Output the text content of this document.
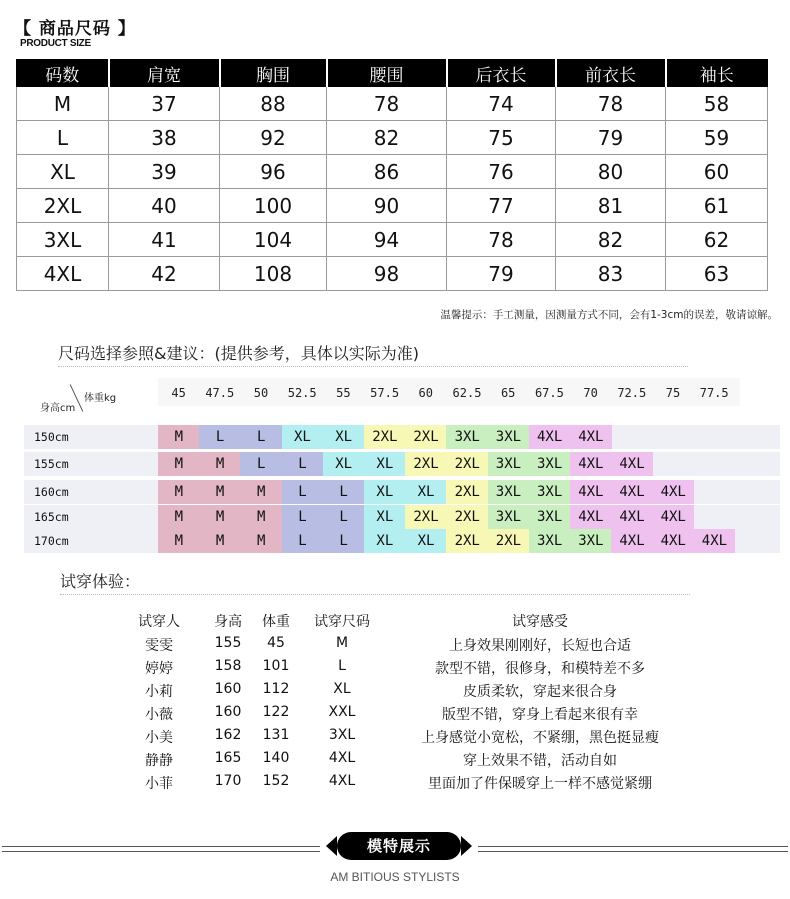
【 商品尺码 】
PRODUCT SIZE
码数	肩宽	胸围	腰围	后衣长	前衣长	袖长
M	37	88	78	74	78	58
L	38	92	82	75	79	59
XL	39	96	86	76	80	60
2XL	40	100	90	77	81	61
3XL	41	104	94	78	82	62
4XL	42	108	98	79	83	63
温馨提示：手工测量，因测量方式不同，会有1-3cm的误差，敬请谅解。
尺码选择参照&建议：(提供参考，具体以实际为准)
身高cm
体重kg	45	47.5	50	52.5	55	57.5	60	62.5	65	67.5	70	72.5	75	77.5
150cm	M	L	L	XL	XL	2XL	2XL	3XL	3XL	4XL	4XL
155cm	M	M	L	L	XL	XL	2XL	2XL	3XL	3XL	4XL	4XL
160cm	M	M	M	L	L	XL	XL	2XL	3XL	3XL	4XL	4XL	4XL
165cm	M	M	M	L	L	XL	2XL	2XL	3XL	3XL	4XL	4XL	4XL
170cm	M	M	M	L	L	XL	XL	2XL	2XL	3XL	3XL	4XL	4XL	4XL
试穿体验：
试穿人	身高	体重	试穿尺码	试穿感受
雯雯	155	45	M	上身效果刚刚好，长短也合适
婷婷	158	101	L	款型不错，很修身，和模特差不多
小莉	160	112	XL	皮质柔软，穿起来很合身
小薇	160	122	XXL	版型不错，穿身上看起来很有幸
小美	162	131	3XL	上身感觉小宽松，不紧绷，黑色挺显瘦
静静	165	140	4XL	穿上效果不错，活动自如
小菲	170	152	4XL	里面加了件保暖穿上一样不感觉紧绷
模特展示
AM BITIOUS STYLISTS
